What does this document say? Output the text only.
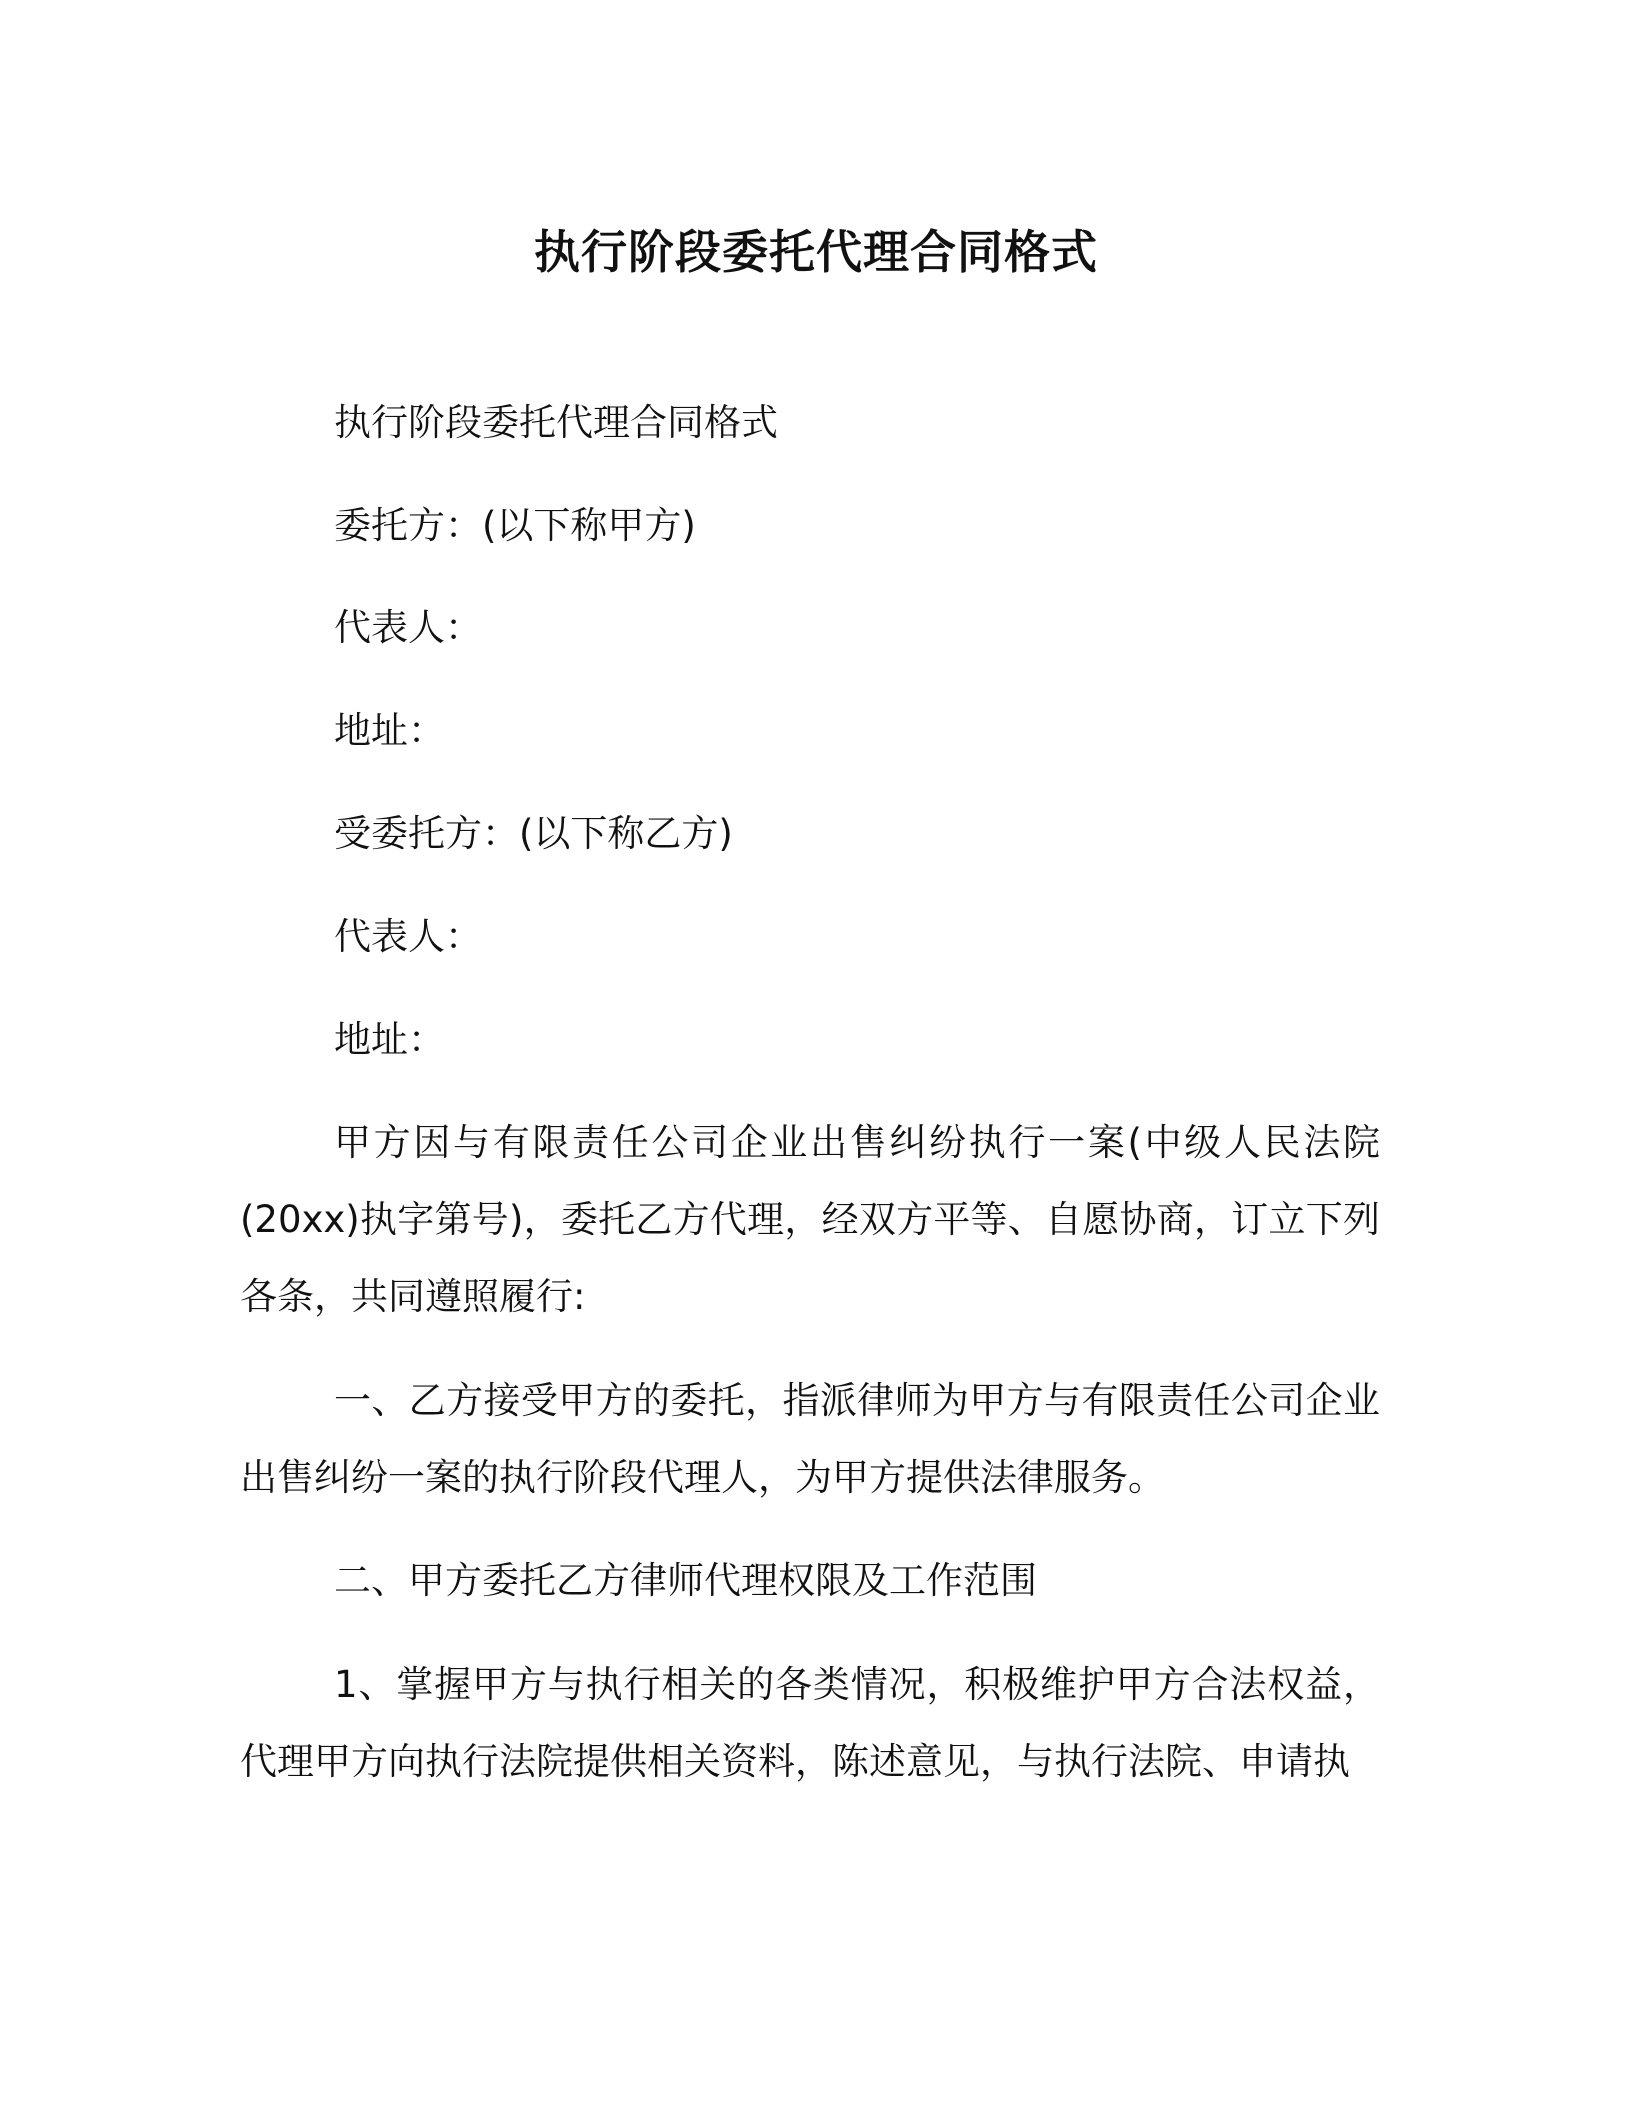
执行阶段委托代理合同格式
执行阶段委托代理合同格式
委托方：(以下称甲方)
代表人：
地址：
受委托方：(以下称乙方)
代表人：
地址：
甲方因与有限责任公司企业出售纠纷执行一案(中级人民法院(20xx)执字第号)，委托乙方代理，经双方平等、自愿协商，订立下列各条，共同遵照履行:
一、乙方接受甲方的委托，指派律师为甲方与有限责任公司企业出售纠纷一案的执行阶段代理人，为甲方提供法律服务。
二、甲方委托乙方律师代理权限及工作范围
1、掌握甲方与执行相关的各类情况，积极维护甲方合法权益，代理甲方向执行法院提供相关资料，陈述意见，与执行法院、申请执
